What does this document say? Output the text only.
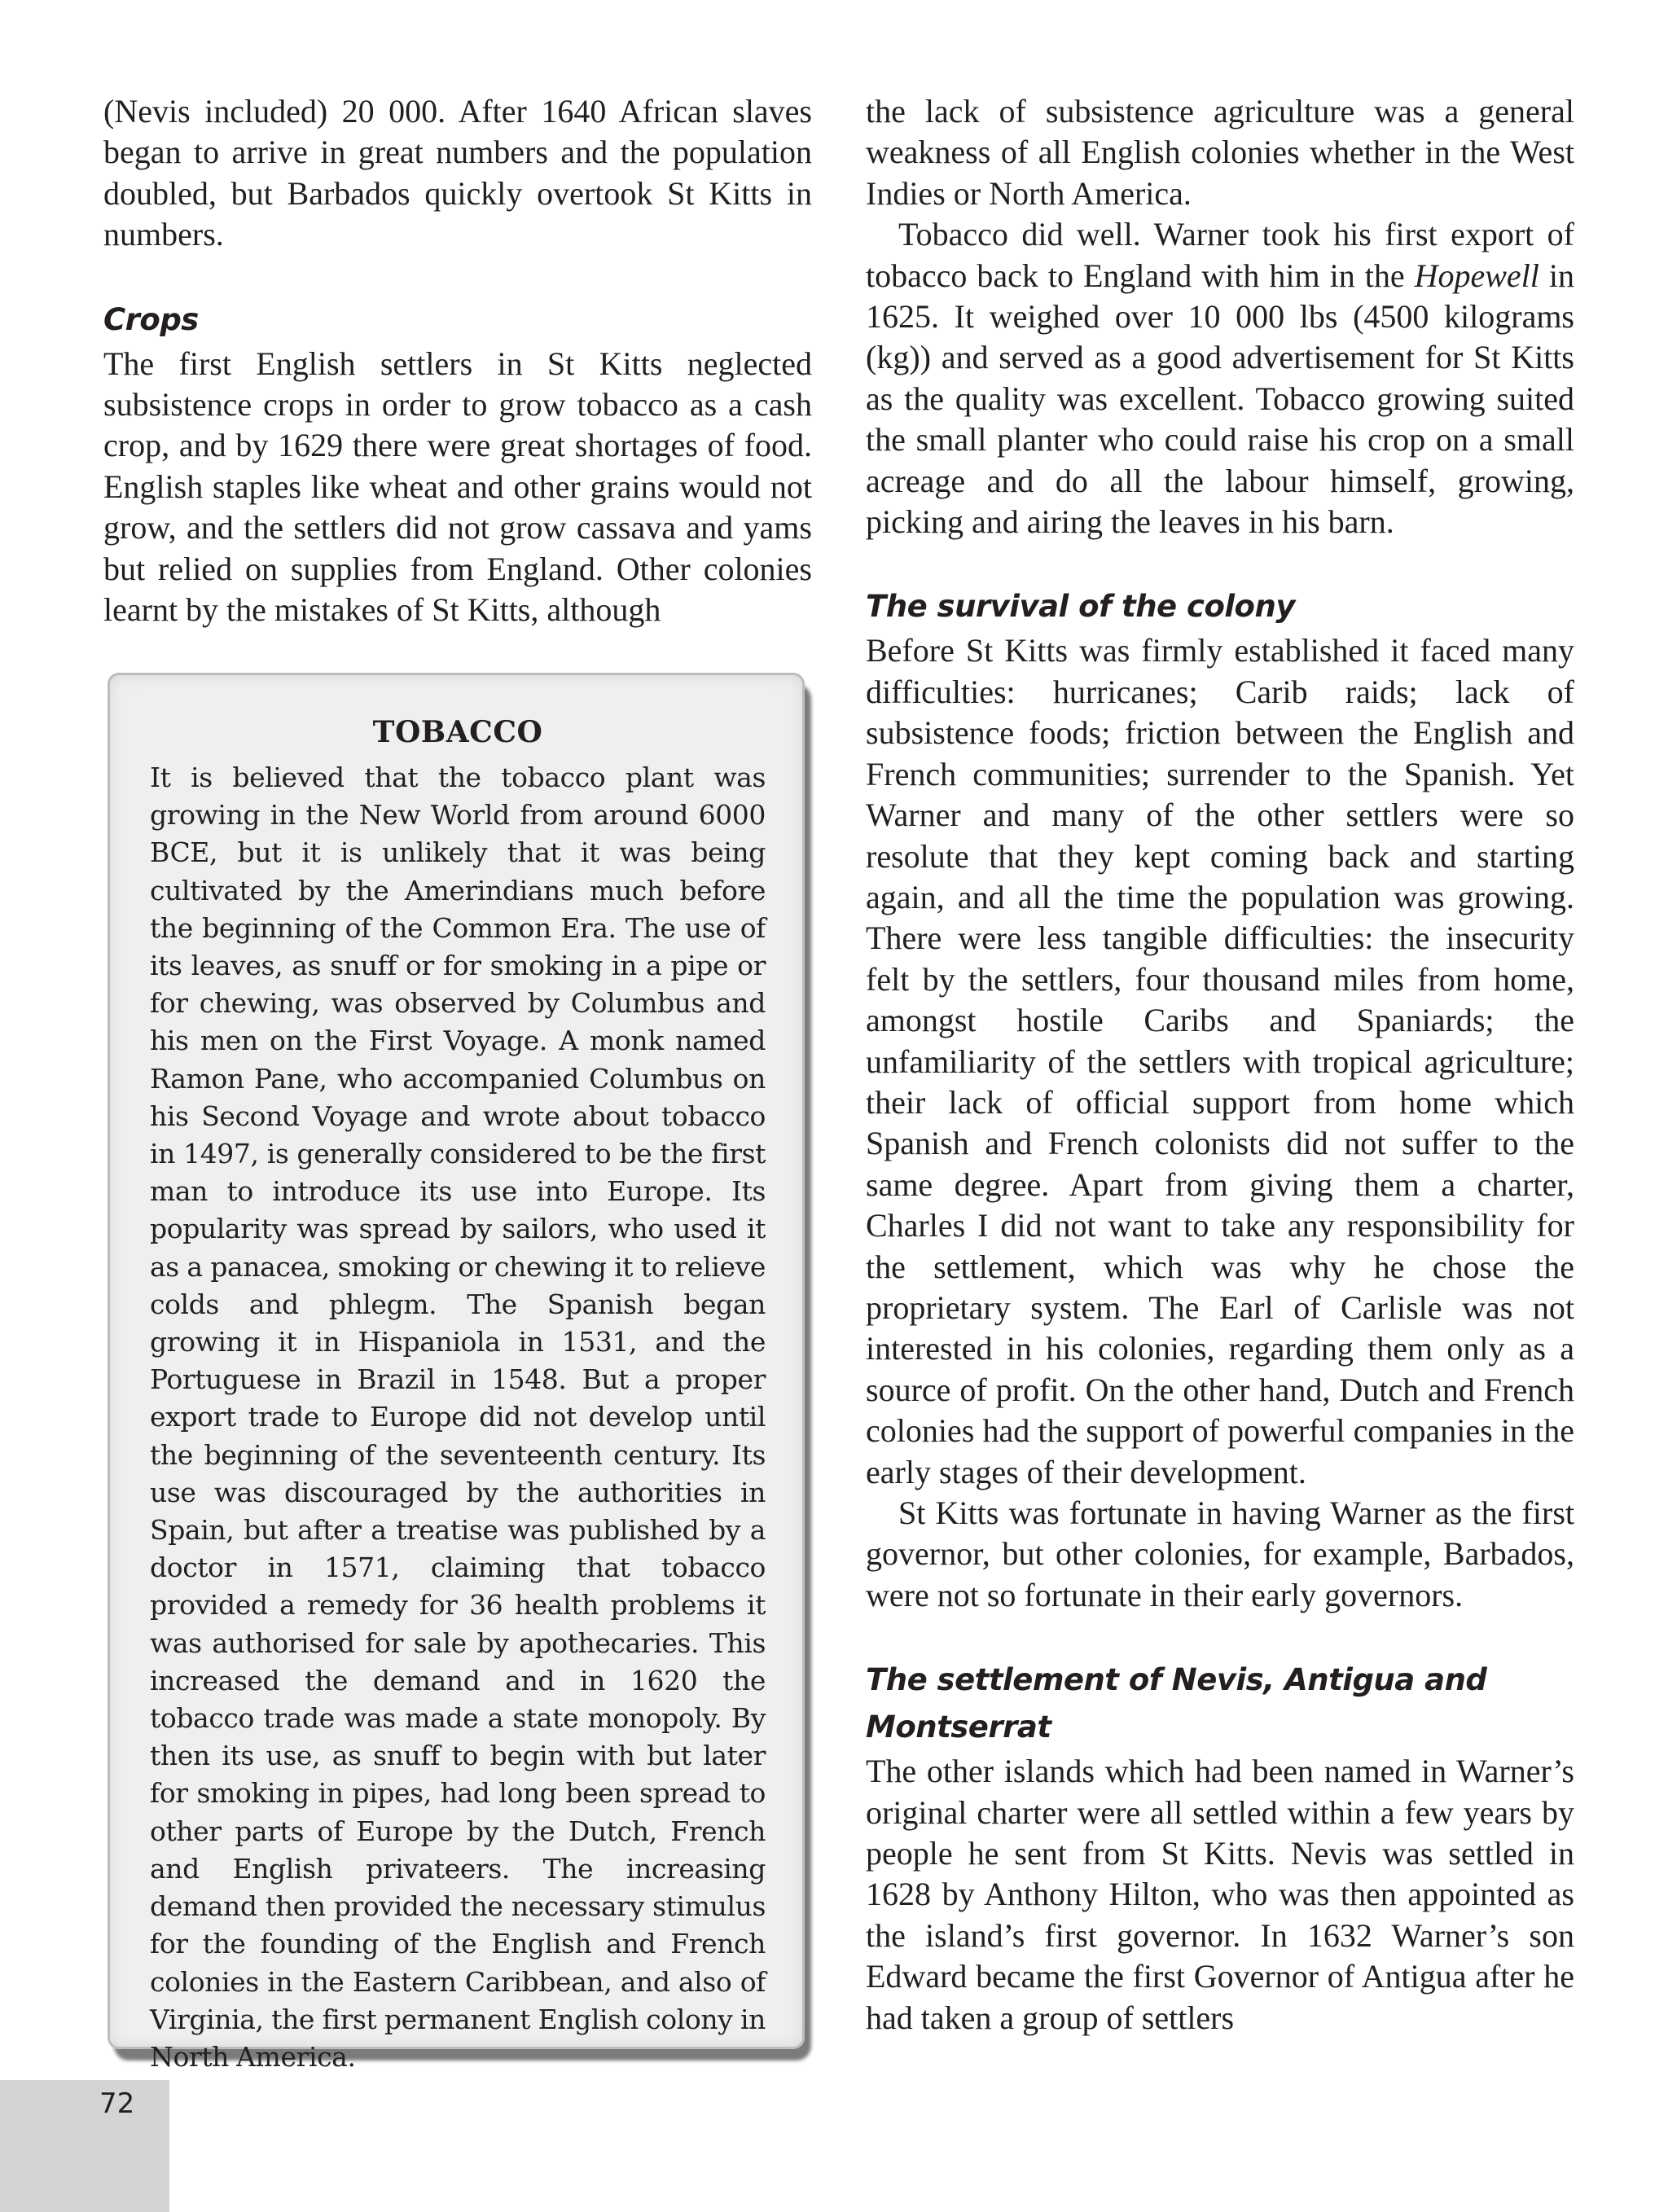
(Nevis included) 20 000. After 1640 African slaves began to arrive in great numbers and the population doubled, but Barbados quickly overtook St Kitts in numbers.

Crops

The first English settlers in St Kitts neglected subsistence crops in order to grow tobacco as a cash crop, and by 1629 there were great shortages of food. English staples like wheat and other grains would not grow, and the settlers did not grow cassava and yams but relied on supplies from England. Other colonies learnt by the mistakes of St Kitts, although

TOBACCO

It is believed that the tobacco plant was growing in the New World from around 6000 BCE, but it is unlikely that it was being cultivated by the Amerindians much before the beginning of the Common Era. The use of its leaves, as snuff or for smoking in a pipe or for chewing, was observed by Columbus and his men on the First Voyage. A monk named Ramon Pane, who accompanied Columbus on his Second Voyage and wrote about tobacco in 1497, is generally considered to be the first man to introduce its use into Europe. Its popularity was spread by sailors, who used it as a panacea, smoking or chewing it to relieve colds and phlegm. The Spanish began growing it in Hispaniola in 1531, and the Portuguese in Brazil in 1548. But a proper export trade to Europe did not develop until the beginning of the seventeenth century. Its use was discouraged by the authorities in Spain, but after a treatise was published by a doctor in 1571, claiming that tobacco provided a remedy for 36 health problems it was authorised for sale by apothecaries. This increased the demand and in 1620 the tobacco trade was made a state monopoly. By then its use, as snuff to begin with but later for smoking in pipes, had long been spread to other parts of Europe by the Dutch, French and English privateers. The increasing demand then provided the necessary stimulus for the founding of the English and French colonies in the Eastern Caribbean, and also of Virginia, the first permanent English colony in North America.

the lack of subsistence agriculture was a general weakness of all English colonies whether in the West Indies or North America.

Tobacco did well. Warner took his first export of tobacco back to England with him in the Hopewell in 1625. It weighed over 10 000 lbs (4500 kilograms (kg)) and served as a good advertisement for St Kitts as the quality was excellent. Tobacco growing suited the small planter who could raise his crop on a small acreage and do all the labour himself, growing, picking and airing the leaves in his barn.

The survival of the colony

Before St Kitts was firmly established it faced many difficulties: hurricanes; Carib raids; lack of subsistence foods; friction between the English and French communities; surrender to the Spanish. Yet Warner and many of the other settlers were so resolute that they kept coming back and starting again, and all the time the population was growing. There were less tangible difficulties: the insecurity felt by the settlers, four thousand miles from home, amongst hostile Caribs and Spaniards; the unfamiliarity of the settlers with tropical agriculture; their lack of official support from home which Spanish and French colonists did not suffer to the same degree. Apart from giving them a charter, Charles I did not want to take any responsibility for the settlement, which was why he chose the proprietary system. The Earl of Carlisle was not interested in his colonies, regarding them only as a source of profit. On the other hand, Dutch and French colonies had the support of powerful companies in the early stages of their development.

St Kitts was fortunate in having Warner as the first governor, but other colonies, for example, Barbados, were not so fortunate in their early governors.

The settlement of Nevis, Antigua and
Montserrat

The other islands which had been named in Warner’s original charter were all settled within a few years by people he sent from St Kitts. Nevis was settled in 1628 by Anthony Hilton, who was then appointed as the island’s first governor. In 1632 Warner’s son Edward became the first Governor of Antigua after he had taken a group of settlers

72
